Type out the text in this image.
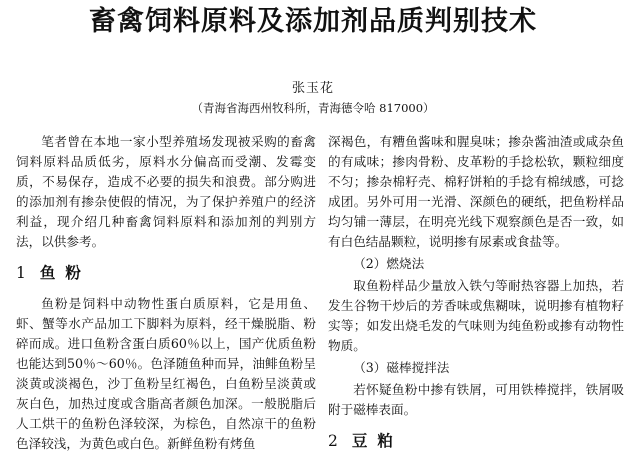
畜禽饲料原料及添加剂品质判别技术
张玉花
（青海省海西州牧科所，青海德令哈 817000）

笔者曾在本地一家小型养殖场发现被采购的畜禽饲料原料品质低劣，原料水分偏高而受潮、发霉变质，不易保存，造成不必要的损失和浪费。部分购进的添加剂有掺杂使假的情况，为了保护养殖户的经济利益，现介绍几种畜禽饲料原料和添加剂的判别方法，以供参考。

1 鱼粉

鱼粉是饲料中动物性蛋白质原料，它是用鱼、虾、蟹等水产品加工下脚料为原料，经干燥脱脂、粉碎而成。进口鱼粉含蛋白质60％以上，国产优质鱼粉也能达到50％～60％。色泽随鱼种而异，油鲱鱼粉呈淡黄或淡褐色，沙丁鱼粉呈红褐色，白鱼粉呈淡黄或灰白色，加热过度或含脂高者颜色加深。一般脱脂后人工烘干的鱼粉色泽较深，为棕色，自然凉干的鱼粉色泽较浅，为黄色或白色。新鲜鱼粉有烤鱼

深褐色，有糟鱼酱味和腥臭味；掺杂酱油渣或咸杂鱼的有咸味；掺肉骨粉、皮革粉的手捻松软，颗粒细度不匀；掺杂棉籽壳、棉籽饼粕的手捻有棉绒感，可捻成团。另外可用一光滑、深颜色的硬纸，把鱼粉样品均匀铺一薄层，在明亮光线下观察颜色是否一致，如有白色结晶颗粒，说明掺有尿素或食盐等。

（2）燃烧法

取鱼粉样品少量放入铁勺等耐热容器上加热，若发生谷物干炒后的芳香味或焦糊味，说明掺有植物籽实等；如发出烧毛发的气味则为纯鱼粉或掺有动物性物质。

（3）磁棒搅拌法

若怀疑鱼粉中掺有铁屑，可用铁棒搅拌，铁屑吸附于磁棒表面。

2 豆粕
